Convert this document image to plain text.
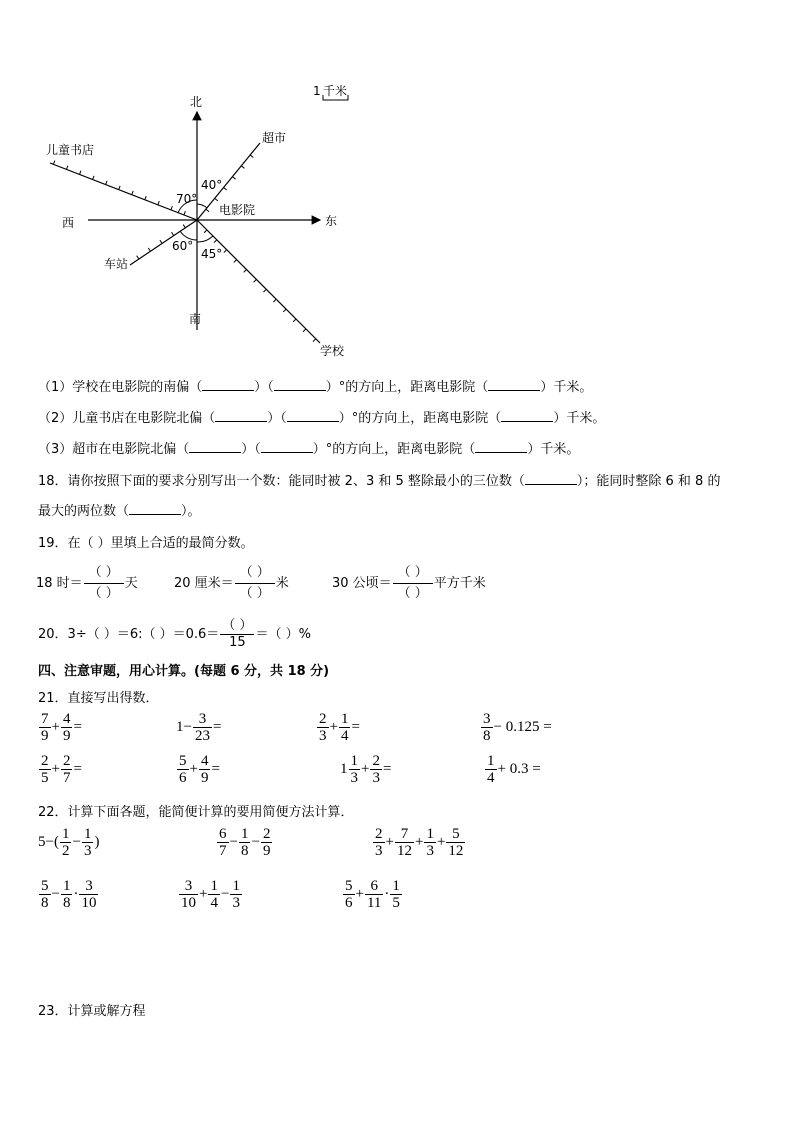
北
南
东
西
超市
儿童书店
电影院
车站
学校
40°
70°
60°
45°
1 千米
（1）学校在电影院的南偏（	）（	）°的方向上，距离电影院（	）千米。
（2）儿童书店在电影院北偏（	）（	）°的方向上，距离电影院（	）千米。
（3）超市在电影院北偏（	）（	）°的方向上，距离电影院（	）千米。
18．请你按照下面的要求分别写出一个数：能同时被 2、3 和 5 整除最小的三位数（	）；能同时整除 6 和 8 的
最大的两位数（	）。
19．在（ ）里填上合适的最简分数。
18 时＝ $\frac{( )}{( )}$ 天	20 厘米＝ $\frac{( )}{( )}$ 米	30 公顷＝ $\frac{( )}{( )}$ 平方千米
20．3÷（ ）＝6:（ ）$=0.6= \frac{( )}{15}$ ＝（ ）%
四、注意审题，用心计算。(每题 6 分，共 18 分)
21．直接写出得数．
$\frac{7}{9} + \frac{4}{9}$ =	$1- \frac{3}{23}$ =	$\frac{2}{3} + \frac{1}{4}$ =	$\frac{3}{8} - 0.125$ =
$\frac{2}{5} + \frac{2}{7}$ =	$\frac{5}{6} + \frac{4}{9}$ =	$1 \frac{1}{3} + \frac{2}{3}$ =	$\frac{1}{4} + 0.3$ =
22．计算下面各题，能简便计算的要用简便方法计算．
$5-( \frac{1}{2} - \frac{1}{3}$ )	$\frac{6}{7} - \frac{1}{8} - \frac{2}{9}$	$\frac{2}{3} + \frac{7}{12} + \frac{1}{3} + \frac{5}{12}$
$\frac{5}{8} - \frac{1}{8} \cdot \frac{3}{10}$	$\frac{3}{10} + \frac{1}{4} - \frac{1}{3}$	$\frac{5}{6} + \frac{6}{11} \cdot \frac{1}{5}$
23．计算或解方程
